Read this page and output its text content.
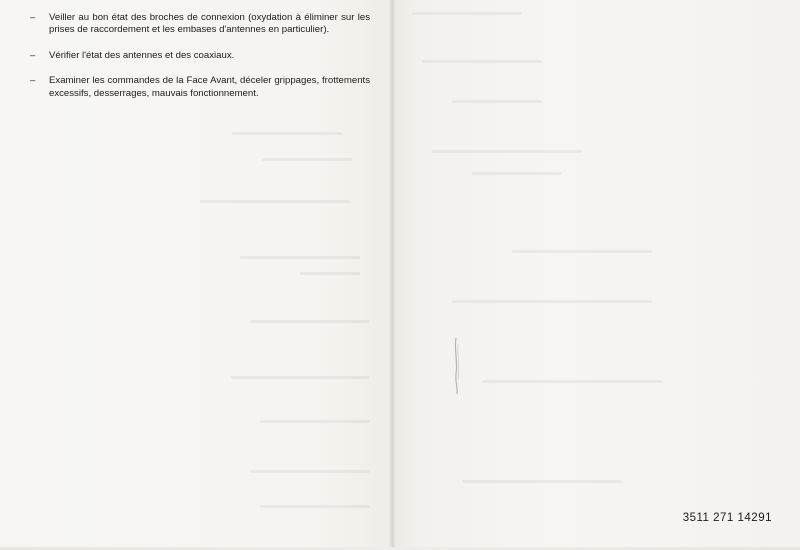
– Veiller au bon état des broches de connexion (oxydation à éliminer sur les prises de raccordement et les embases d'antennes en particulier).
– Vérifier l'état des antennes et des coaxiaux.
– Examiner les commandes de la Face Avant, déceler grippages, frottements excessifs, desserrages, mauvais fonctionnement.
3511 271 14291
